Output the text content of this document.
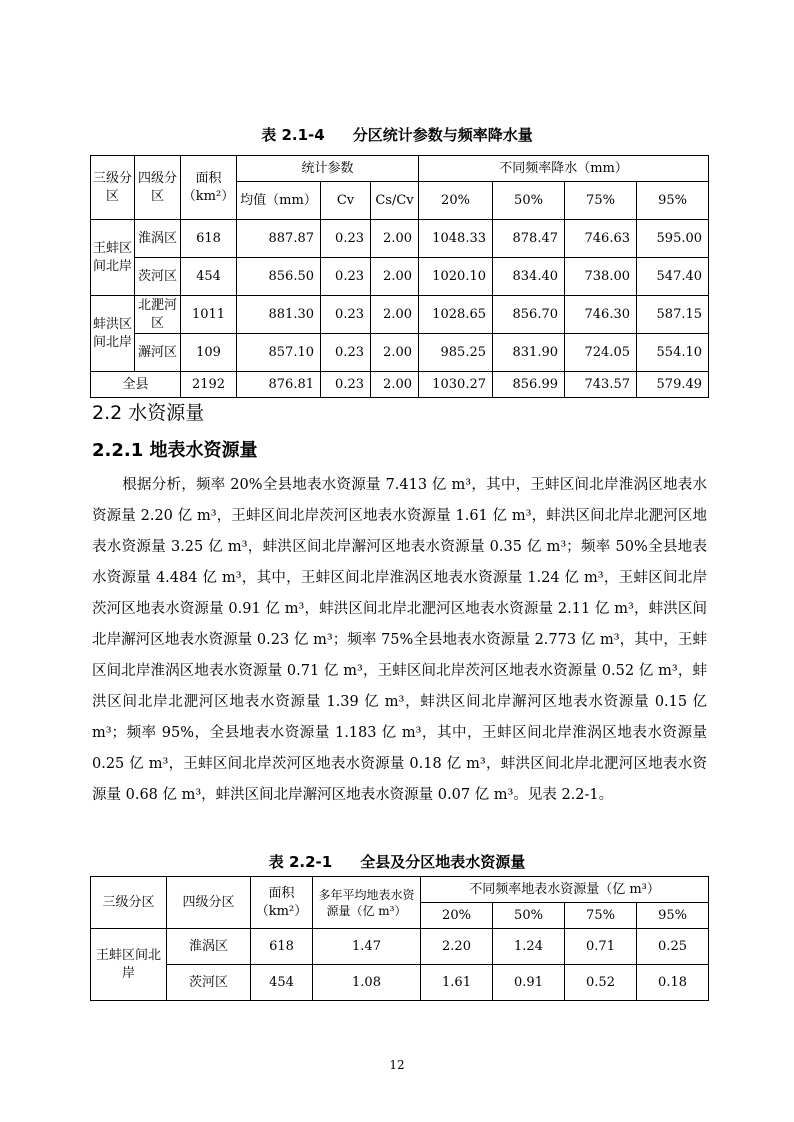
表 2.1-4 分区统计参数与频率降水量
三级分区	四级分区	面积（km²）	统计参数			不同频率降水（mm）			
			均值（mm）	Cv	Cs/Cv	20%	50%	75%	95%
王蚌区间北岸	淮涡区	618	887.87	0.23	2.00	1048.33	878.47	746.63	595.00
	茨河区	454	856.50	0.23	2.00	1020.10	834.40	738.00	547.40
蚌洪区间北岸	北淝河区	1011	881.30	0.23	2.00	1028.65	856.70	746.30	587.15
	澥河区	109	857.10	0.23	2.00	985.25	831.90	724.05	554.10
全县		2192	876.81	0.23	2.00	1030.27	856.99	743.57	579.49
2.2 水资源量
2.2.1 地表水资源量

根据分析，频率 20%全县地表水资源量 7.413 亿 m³，其中，王蚌区间北岸淮涡区地表水资源量 2.20 亿 m³，王蚌区间北岸茨河区地表水资源量 1.61 亿 m³，蚌洪区间北岸北淝河区地表水资源量 3.25 亿 m³，蚌洪区间北岸澥河区地表水资源量 0.35 亿 m³；频率 50%全县地表水资源量 4.484 亿 m³，其中，王蚌区间北岸淮涡区地表水资源量 1.24 亿 m³，王蚌区间北岸茨河区地表水资源量 0.91 亿 m³，蚌洪区间北岸北淝河区地表水资源量 2.11 亿 m³，蚌洪区间北岸澥河区地表水资源量 0.23 亿 m³；频率 75%全县地表水资源量 2.773 亿 m³，其中，王蚌区间北岸淮涡区地表水资源量 0.71 亿 m³，王蚌区间北岸茨河区地表水资源量 0.52 亿 m³，蚌洪区间北岸北淝河区地表水资源量 1.39 亿 m³，蚌洪区间北岸澥河区地表水资源量 0.15 亿 m³；频率 95%，全县地表水资源量 1.183 亿 m³，其中，王蚌区间北岸淮涡区地表水资源量 0.25 亿 m³，王蚌区间北岸茨河区地表水资源量 0.18 亿 m³，蚌洪区间北岸北淝河区地表水资源量 0.68 亿 m³，蚌洪区间北岸澥河区地表水资源量 0.07 亿 m³。见表 2.2-1。

表 2.2-1 全县及分区地表水资源量
三级分区	四级分区	面积（km²）	多年平均地表水资源量（亿 m³）	不同频率地表水资源量（亿 m³）			
				20%	50%	75%	95%
王蚌区间北岸	淮涡区	618	1.47	2.20	1.24	0.71	0.25
	茨河区	454	1.08	1.61	0.91	0.52	0.18
12
